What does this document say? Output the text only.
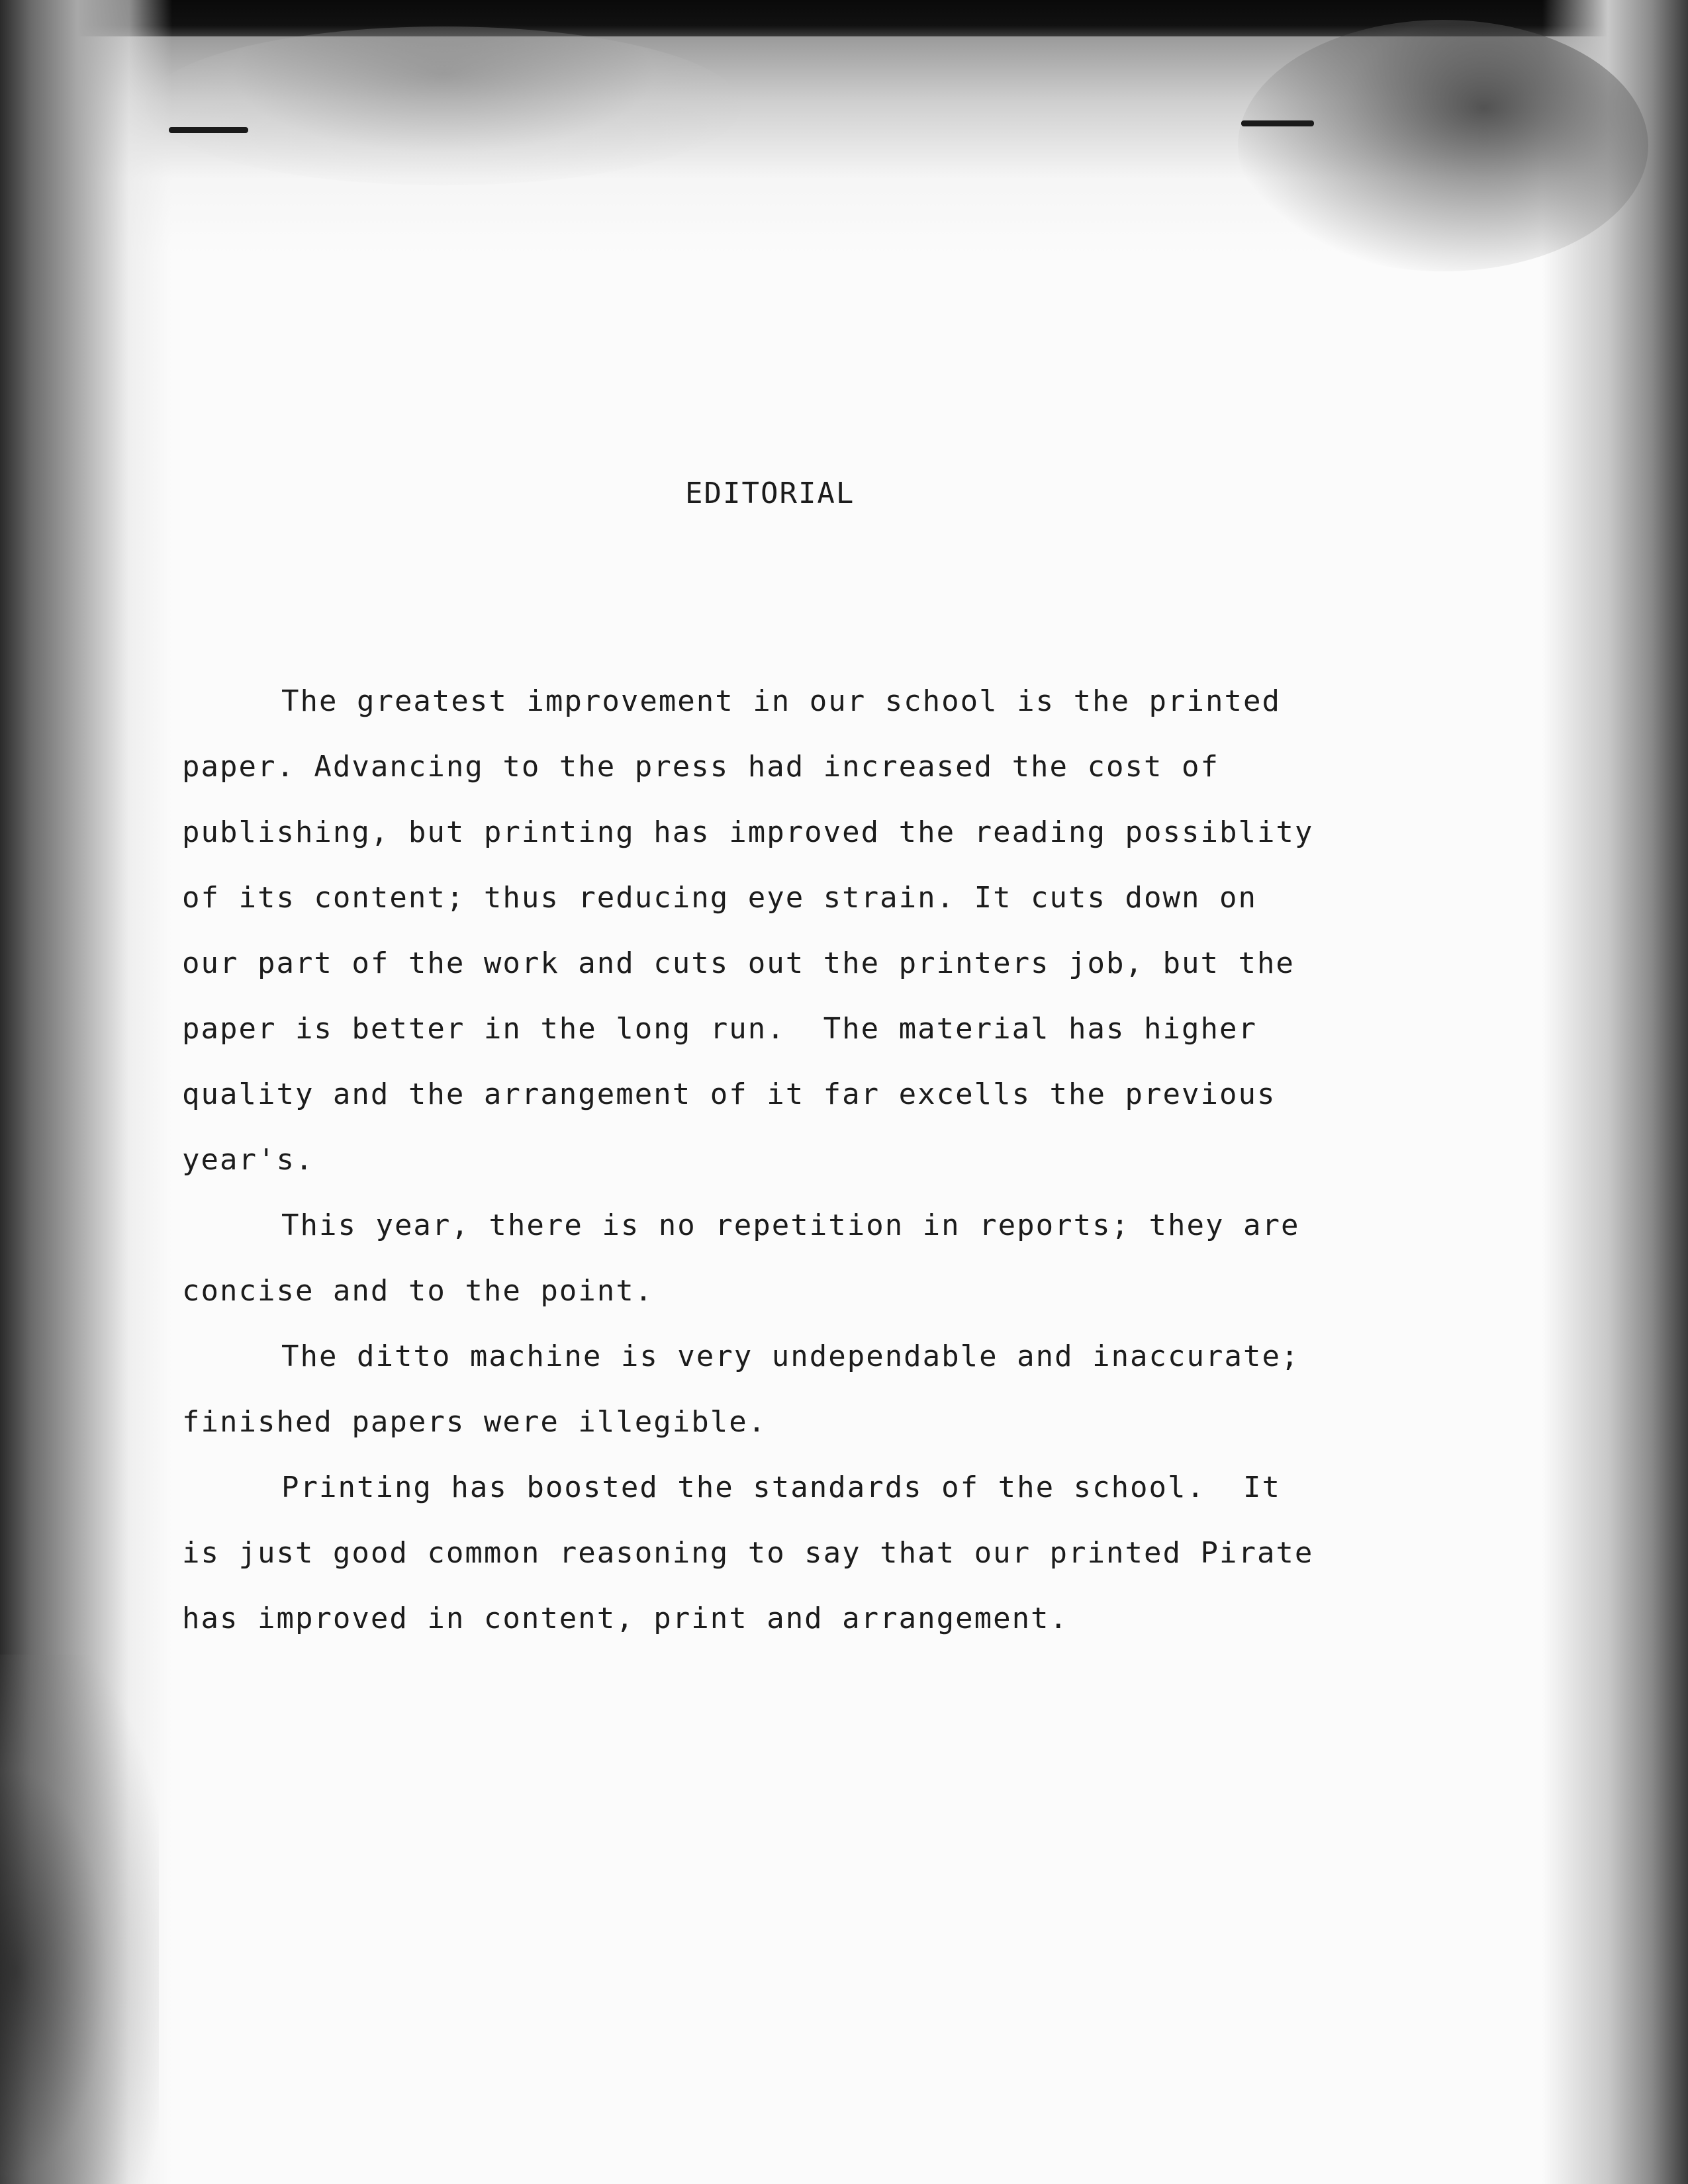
EDITORIAL
The greatest improvement in our school is the printed
paper. Advancing to the press had increased the cost of
publishing, but printing has improved the reading possiblity
of its content; thus reducing eye strain. It cuts down on
our part of the work and cuts out the printers job, but the
paper is better in the long run.  The material has higher
quality and the arrangement of it far excells the previous
year's.
This year, there is no repetition in reports; they are
concise and to the point.
The ditto machine is very undependable and inaccurate;
finished papers were illegible.
Printing has boosted the standards of the school.  It
is just good common reasoning to say that our printed Pirate
has improved in content, print and arrangement.
